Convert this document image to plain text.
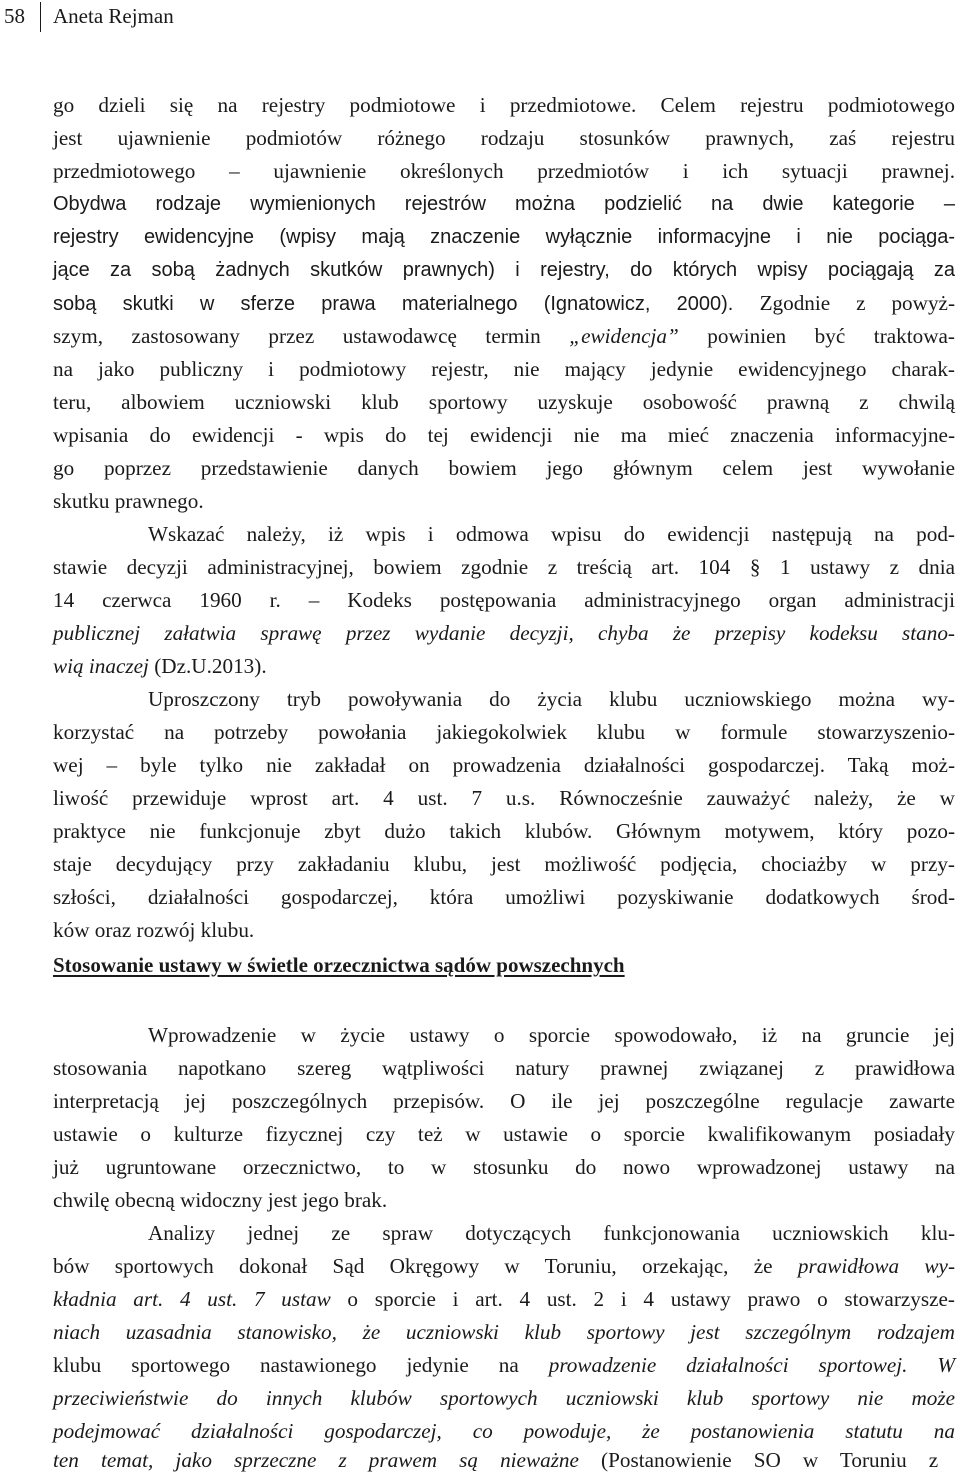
58 Aneta Rejman
go dzieli się na rejestry podmiotowe i przedmiotowe. Celem rejestru podmiotowego
jest ujawnienie podmiotów różnego rodzaju stosunków prawnych, zaś rejestru
przedmiotowego – ujawnienie określonych przedmiotów i ich sytuacji prawnej.
Obydwa rodzaje wymienionych rejestrów można podzielić na dwie kategorie –
rejestry ewidencyjne (wpisy mają znaczenie wyłącznie informacyjne i nie pociąga-
jące za sobą żadnych skutków prawnych) i rejestry, do których wpisy pociągają za
sobą skutki w sferze prawa materialnego (Ignatowicz, 2000). Zgodnie z powyż-
szym, zastosowany przez ustawodawcę termin „ewidencja” powinien być traktowa-
na jako publiczny i podmiotowy rejestr, nie mający jedynie ewidencyjnego charak-
teru, albowiem uczniowski klub sportowy uzyskuje osobowość prawną z chwilą
wpisania do ewidencji - wpis do tej ewidencji nie ma mieć znaczenia informacyjne-
go poprzez przedstawienie danych bowiem jego głównym celem jest wywołanie
skutku prawnego.
Wskazać należy, iż wpis i odmowa wpisu do ewidencji następują na pod-
stawie decyzji administracyjnej, bowiem zgodnie z treścią art. 104 § 1 ustawy z dnia
14 czerwca 1960 r. – Kodeks postępowania administracyjnego organ administracji
publicznej załatwia sprawę przez wydanie decyzji, chyba że przepisy kodeksu stano-
wią inaczej (Dz.U.2013).
Uproszczony tryb powoływania do życia klubu uczniowskiego można wy-
korzystać na potrzeby powołania jakiegokolwiek klubu w formule stowarzyszenio-
wej – byle tylko nie zakładał on prowadzenia działalności gospodarczej. Taką moż-
liwość przewiduje wprost art. 4 ust. 7 u.s. Równocześnie zauważyć należy, że w
praktyce nie funkcjonuje zbyt dużo takich klubów. Głównym motywem, który pozo-
staje decydujący przy zakładaniu klubu, jest możliwość podjęcia, chociażby w przy-
szłości, działalności gospodarczej, która umożliwi pozyskiwanie dodatkowych środ-
ków oraz rozwój klubu.
Stosowanie ustawy w świetle orzecznictwa sądów powszechnych
Wprowadzenie w życie ustawy o sporcie spowodowało, iż na gruncie jej
stosowania napotkano szereg wątpliwości natury prawnej związanej z prawidłowa
interpretacją jej poszczególnych przepisów. O ile jej poszczególne regulacje zawarte
ustawie o kulturze fizycznej czy też w ustawie o sporcie kwalifikowanym posiadały
już ugruntowane orzecznictwo, to w stosunku do nowo wprowadzonej ustawy na
chwilę obecną widoczny jest jego brak.
Analizy jednej ze spraw dotyczących funkcjonowania uczniowskich klu-
bów sportowych dokonał Sąd Okręgowy w Toruniu, orzekając, że prawidłowa wy-
kładnia art. 4 ust. 7 ustaw o sporcie i art. 4 ust. 2 i 4 ustawy prawo o stowarzysze-
niach uzasadnia stanowisko, że uczniowski klub sportowy jest szczególnym rodzajem
klubu sportowego nastawionego jedynie na prowadzenie działalności sportowej. W
przeciwieństwie do innych klubów sportowych uczniowski klub sportowy nie może
podejmować działalności gospodarczej, co powoduje, że postanowienia statutu na
ten temat, jako sprzeczne z prawem są nieważne (Postanowienie SO w Toruniu z
